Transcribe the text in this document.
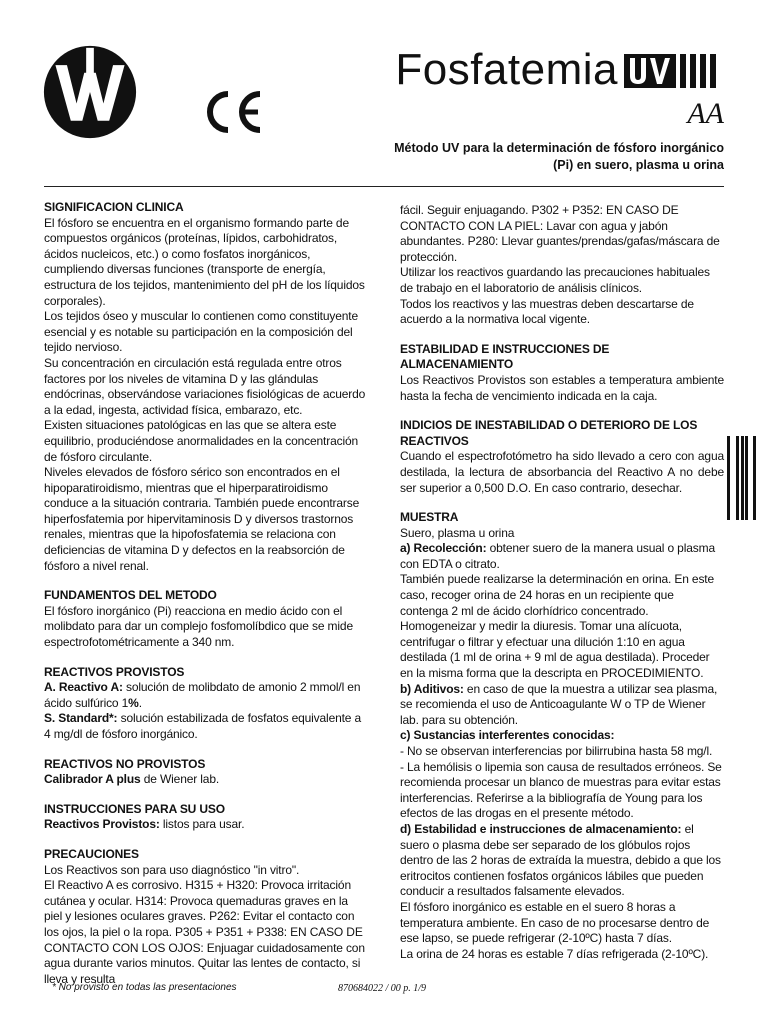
Fosfatemia
AA
Método UV para la determinación de fósforo inorgánico
(Pi) en suero, plasma u orina
SIGNIFICACION CLINICA

El fósforo se encuentra en el organismo formando parte de compuestos orgánicos (proteínas, lípidos, carbohidratos, ácidos nucleicos, etc.) o como fosfatos inorgánicos, cumpliendo diversas funciones (transporte de energía, estructura de los tejidos, mantenimiento del pH de los líquidos corporales).

Los tejidos óseo y muscular lo contienen como constituyente esencial y es notable su participación en la composición del tejido nervioso.

Su concentración en circulación está regulada entre otros factores por los niveles de vitamina D y las glándulas endócrinas, observándose variaciones fisiológicas de acuerdo a la edad, ingesta, actividad física, embarazo, etc.

Existen situaciones patológicas en las que se altera este equilibrio, produciéndose anormalidades en la concentración de fósforo circulante.

Niveles elevados de fósforo sérico son encontrados en el hipoparatiroidismo, mientras que el hiperparatiroidismo conduce a la situación contraria. También puede encontrarse hiperfosfatemia por hipervitaminosis D y diversos trastornos renales, mientras que la hipofosfatemia se relaciona con deficiencias de vitamina D y defectos en la reabsorción de fósforo a nivel renal.

FUNDAMENTOS DEL METODO

El fósforo inorgánico (Pi) reacciona en medio ácido con el molibdato para dar un complejo fosfomolíbdico que se mide espectrofotométricamente a 340 nm.

REACTIVOS PROVISTOS

A. Reactivo A: solución de molibdato de amonio 2 mmol/l en ácido sulfúrico 1%.

S. Standard*: solución estabilizada de fosfatos equivalente a 4 mg/dl de fósforo inorgánico.

REACTIVOS NO PROVISTOS

Calibrador A plus de Wiener lab.

INSTRUCCIONES PARA SU USO

Reactivos Provistos: listos para usar.

PRECAUCIONES

Los Reactivos son para uso diagnóstico "in vitro".

El Reactivo A es corrosivo. H315 + H320: Provoca irritación cutánea y ocular. H314: Provoca quemaduras graves en la piel y lesiones oculares graves. P262: Evitar el contacto con los ojos, la piel o la ropa. P305 + P351 + P338: EN CASO DE CONTACTO CON LOS OJOS: Enjuagar cuidadosamente con agua durante varios minutos. Quitar las lentes de contacto, si lleva y resulta

fácil. Seguir enjuagando. P302 + P352: EN CASO DE CONTACTO CON LA PIEL: Lavar con agua y jabón abundantes. P280: Llevar guantes/prendas/gafas/máscara de protección.

Utilizar los reactivos guardando las precauciones habituales de trabajo en el laboratorio de análisis clínicos.

Todos los reactivos y las muestras deben descartarse de acuerdo a la normativa local vigente.

ESTABILIDAD E INSTRUCCIONES DE ALMACENAMIENTO

Los Reactivos Provistos son estables a temperatura ambiente hasta la fecha de vencimiento indicada en la caja.

INDICIOS DE INESTABILIDAD O DETERIORO DE LOS REACTIVOS

Cuando el espectrofotómetro ha sido llevado a cero con agua destilada, la lectura de absorbancia del Reactivo A no debe ser superior a 0,500 D.O. En caso contrario, desechar.

MUESTRA

Suero, plasma u orina

a) Recolección: obtener suero de la manera usual o plasma con EDTA o citrato.

También puede realizarse la determinación en orina. En este caso, recoger orina de 24 horas en un recipiente que contenga 2 ml de ácido clorhídrico concentrado. Homogeneizar y medir la diuresis. Tomar una alícuota, centrifugar o filtrar y efectuar una dilución 1:10 en agua destilada (1 ml de orina + 9 ml de agua destilada). Proceder en la misma forma que la descripta en PROCEDIMIENTO.

b) Aditivos: en caso de que la muestra a utilizar sea plasma, se recomienda el uso de Anticoagulante W o TP de Wiener lab. para su obtención.

c) Sustancias interferentes conocidas:

- No se observan interferencias por bilirrubina hasta 58 mg/l.

- La hemólisis o lipemia son causa de resultados erróneos. Se recomienda procesar un blanco de muestras para evitar estas interferencias. Referirse a la bibliografía de Young para los efectos de las drogas en el presente método.

d) Estabilidad e instrucciones de almacenamiento: el suero o plasma debe ser separado de los glóbulos rojos dentro de las 2 horas de extraída la muestra, debido a que los eritrocitos contienen fosfatos orgánicos lábiles que pueden conducir a resultados falsamente elevados.

El fósforo inorgánico es estable en el suero 8 horas a temperatura ambiente. En caso de no procesarse dentro de ese lapso, se puede refrigerar (2-10ºC) hasta 7 días.

La orina de 24 horas es estable 7 días refrigerada (2-10ºC).

* No provisto en todas las presentaciones	870684022 / 00 p. 1/9
